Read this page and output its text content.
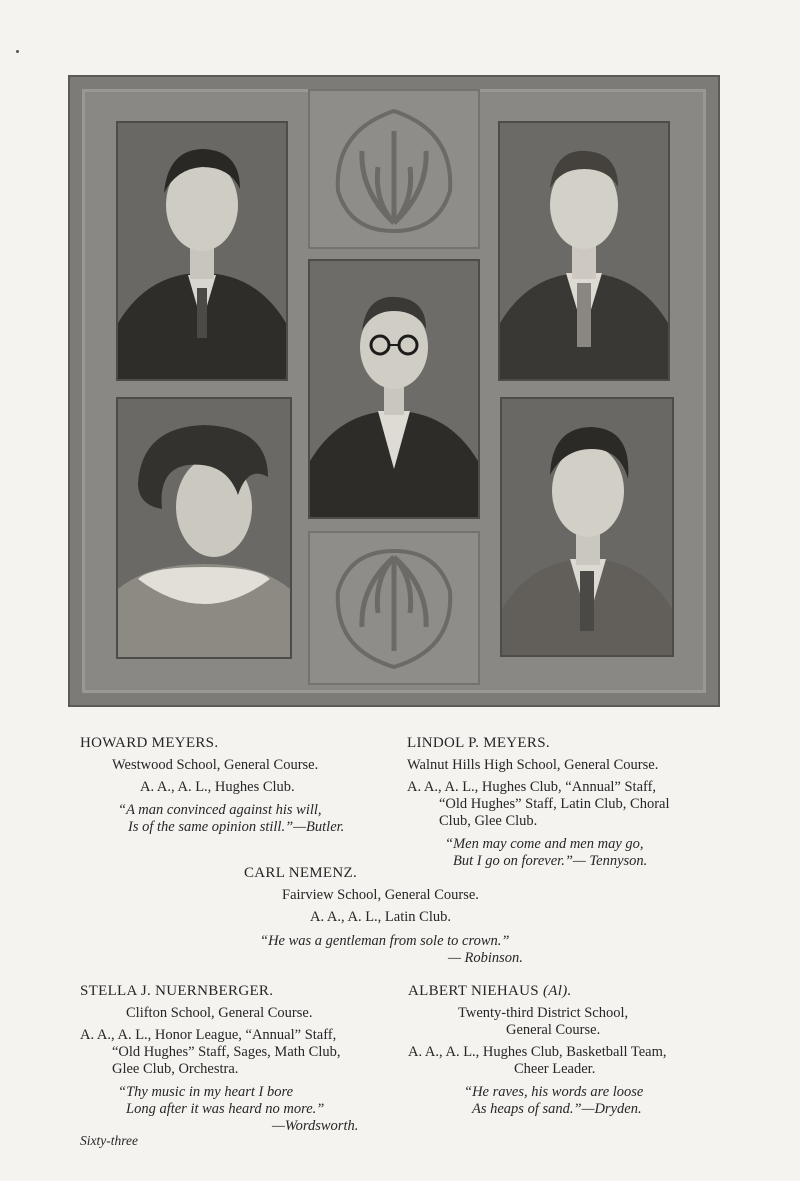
HOWARD MEYERS.
Westwood School, General Course.
A. A., A. L., Hughes Club.
“A man convinced against his will,
Is of the same opinion still.”—Butler.
LINDOL P. MEYERS.
Walnut Hills High School, General Course.
A. A., A. L., Hughes Club, “Annual” Staff,
“Old Hughes” Staff, Latin Club, Choral
Club, Glee Club.
“Men may come and men may go,
But I go on forever.”— Tennyson.
CARL NEMENZ.
Fairview School, General Course.
A. A., A. L., Latin Club.
“He was a gentleman from sole to crown.”
— Robinson.
STELLA J. NUERNBERGER.
Clifton School, General Course.
A. A., A. L., Honor League, “Annual” Staff,
“Old Hughes” Staff, Sages, Math Club,
Glee Club, Orchestra.
“Thy music in my heart I bore
Long after it was heard no more.”
—Wordsworth.
ALBERT NIEHAUS (Al).
Twenty-third District School,
General Course.
A. A., A. L., Hughes Club, Basketball Team,
Cheer Leader.
“He raves, his words are loose
As heaps of sand.”—Dryden.
Sixty-three
